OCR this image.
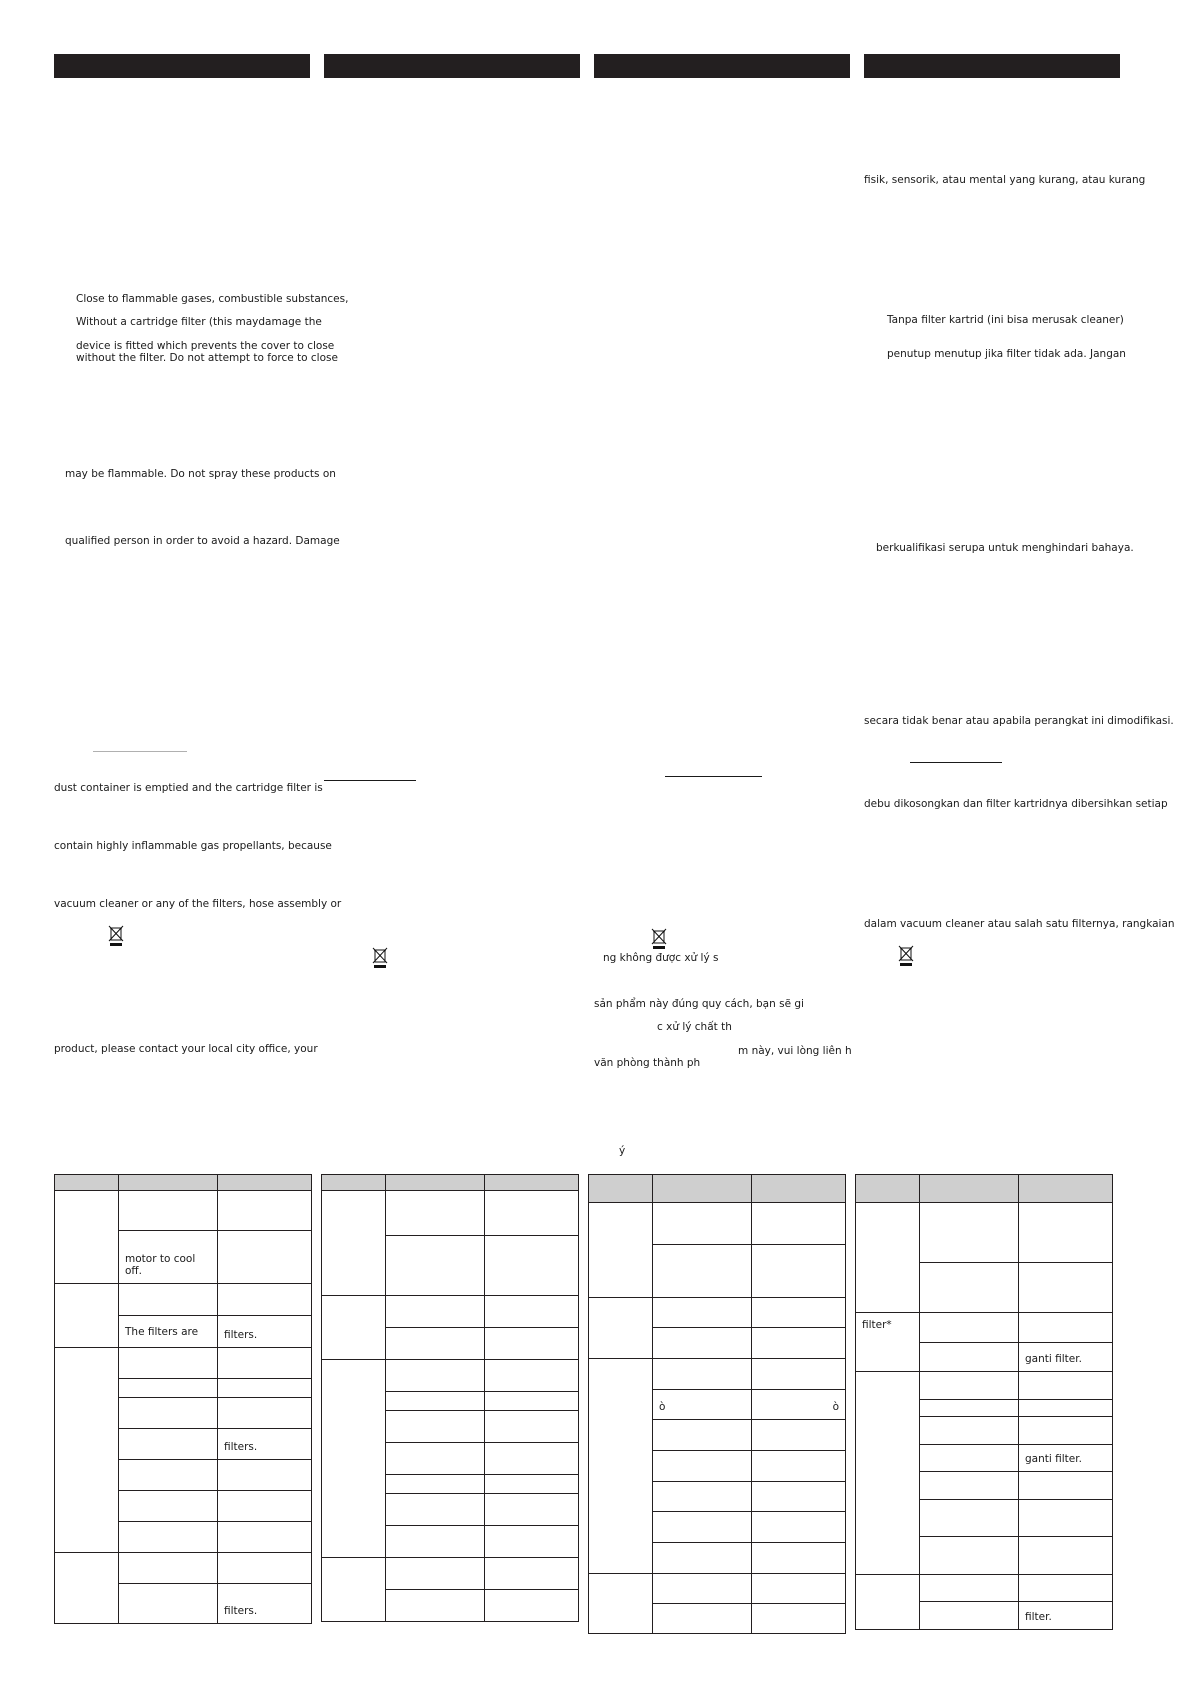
Close to flammable gases, combustible substances,
Without a cartridge filter (this maydamage the
device is fitted which prevents the cover to close
without the filter. Do not attempt to force to close
may be flammable. Do not spray these products on
qualified person in order to avoid a hazard. Damage
dust container is emptied and the cartridge filter is
contain highly inflammable gas propellants, because
vacuum cleaner or any of the filters, hose assembly or
product, please contact your local city office, your
ng không được xử lý s
sản phẩm này đúng quy cách, bạn sẽ gi
c xử lý chất th
m này, vui lòng liên h
văn phòng thành ph
ý
fisik, sensorik, atau mental yang kurang, atau kurang
Tanpa filter kartrid (ini bisa merusak cleaner)
penutup menutup jika filter tidak ada. Jangan
berkualifikasi serupa untuk menghindari bahaya.
secara tidak benar atau apabila perangkat ini dimodifikasi.
debu dikosongkan dan filter kartridnya dibersihkan setiap
dalam vacuum cleaner atau salah satu filternya, rangkaian

	motor to cool off.	

	The filters are	filters.

		filters.

		filters.

	ò	ò

filter*		
		ganti filter.

		ganti filter.

		filter.
